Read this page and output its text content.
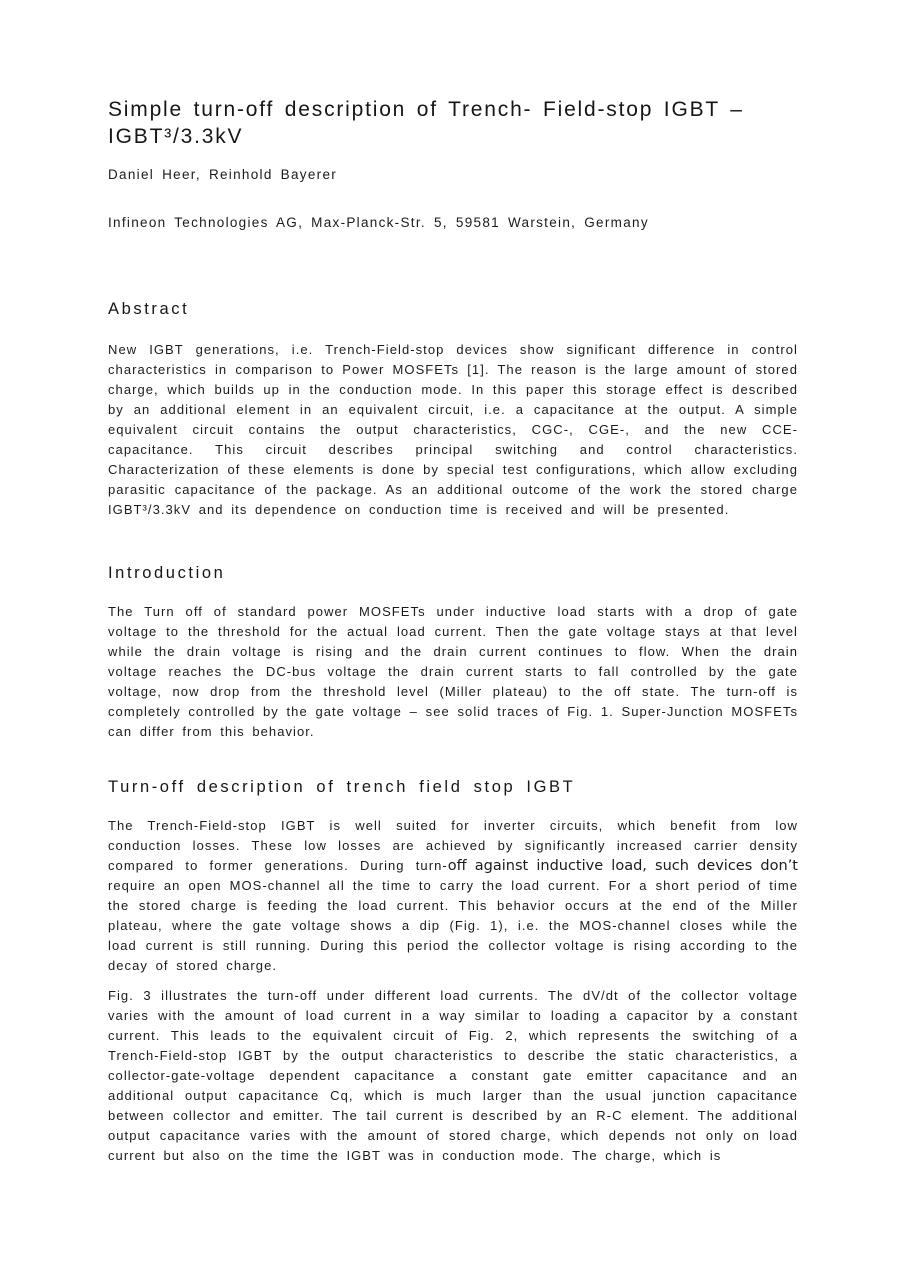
Simple turn-off description of Trench- Field-stop IGBT –
IGBT³/3.3kV
Daniel Heer, Reinhold Bayerer
Infineon Technologies AG, Max-Planck-Str. 5, 59581 Warstein, Germany
Abstract

New IGBT generations, i.e. Trench-Field-stop devices show significant difference in control characteristics in comparison to Power MOSFETs [1]. The reason is the large amount of stored charge, which builds up in the conduction mode. In this paper this storage effect is described by an additional element in an equivalent circuit, i.e. a capacitance at the output. A simple equivalent circuit contains the output characteristics, CGC-, CGE-, and the new CCE-capacitance. This circuit describes principal switching and control characteristics. Characterization of these elements is done by special test configurations, which allow excluding parasitic capacitance of the package. As an additional outcome of the work the stored charge IGBT³/3.3kV and its dependence on conduction time is received and will be presented.

Introduction

The Turn off of standard power MOSFETs under inductive load starts with a drop of gate voltage to the threshold for the actual load current. Then the gate voltage stays at that level while the drain voltage is rising and the drain current continues to flow. When the drain voltage reaches the DC-bus voltage the drain current starts to fall controlled by the gate voltage, now drop from the threshold level (Miller plateau) to the off state. The turn-off is completely controlled by the gate voltage – see solid traces of Fig. 1. Super-Junction MOSFETs can differ from this behavior.

Turn-off description of trench field stop IGBT

The Trench-Field-stop IGBT is well suited for inverter circuits, which benefit from low conduction losses. These low losses are achieved by significantly increased carrier density compared to former generations. During turn-off against inductive load, such devices don’t require an open MOS-channel all the time to carry the load current. For a short period of time the stored charge is feeding the load current. This behavior occurs at the end of the Miller plateau, where the gate voltage shows a dip (Fig. 1), i.e. the MOS-channel closes while the load current is still running. During this period the collector voltage is rising according to the decay of stored charge.

Fig. 3 illustrates the turn-off under different load currents. The dV/dt of the collector voltage varies with the amount of load current in a way similar to loading a capacitor by a constant current. This leads to the equivalent circuit of Fig. 2, which represents the switching of a Trench-Field-stop IGBT by the output characteristics to describe the static characteristics, a collector-gate-voltage dependent capacitance a constant gate emitter capacitance and an additional output capacitance Cq, which is much larger than the usual junction capacitance between collector and emitter. The tail current is described by an R-C element. The additional output capacitance varies with the amount of stored charge, which depends not only on load current but also on the time the IGBT was in conduction mode. The charge, which is
